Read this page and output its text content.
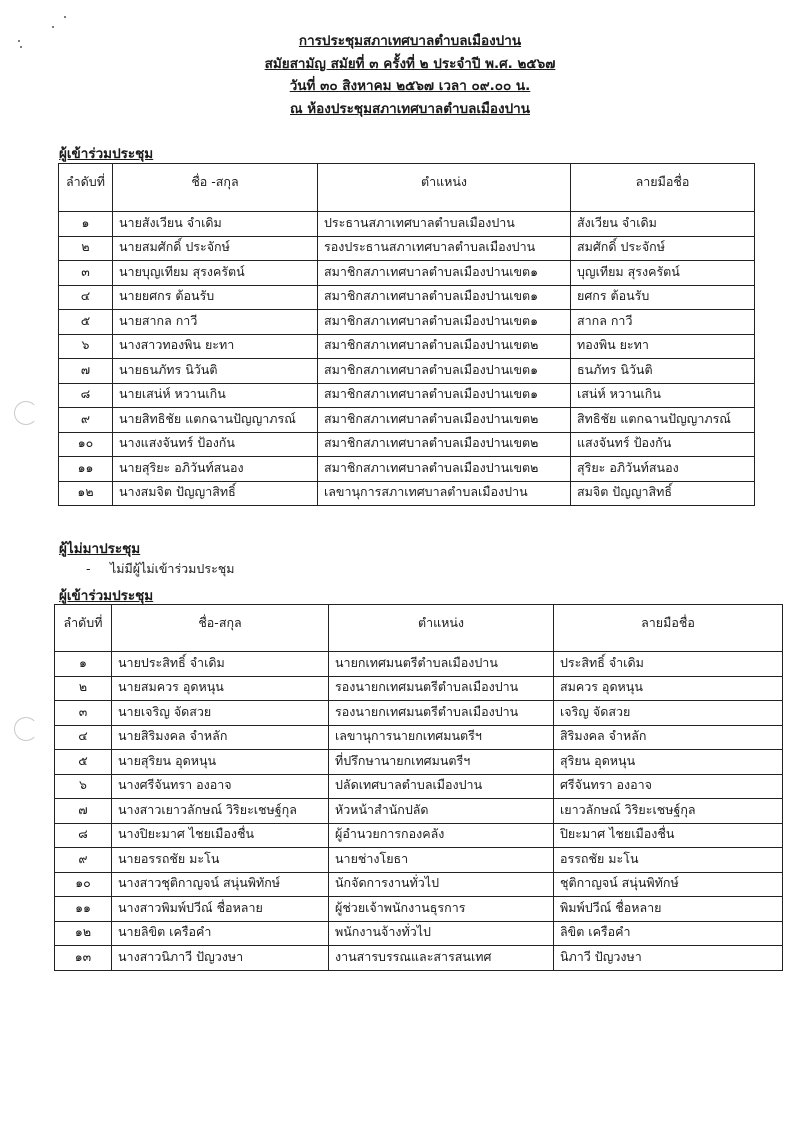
การประชุมสภาเทศบาลตำบลเมืองปาน
สมัยสามัญ สมัยที่ ๓ ครั้งที่ ๒ ประจำปี พ.ศ. ๒๕๖๗
วันที่ ๓๐ สิงหาคม ๒๕๖๗ เวลา ๐๙.๐๐ น.
ณ ห้องประชุมสภาเทศบาลตำบลเมืองปาน
ผู้เข้าร่วมประชุม
ลำดับที่	ชื่อ -สกุล	ตำแหน่ง	ลายมือชื่อ
๑	นายสังเวียน จำเดิม	ประธานสภาเทศบาลตำบลเมืองปาน	สังเวียน จำเดิม
๒	นายสมศักดิ์ ประจักษ์	รองประธานสภาเทศบาลตำบลเมืองปาน	สมศักดิ์ ประจักษ์
๓	นายบุญเทียม สุรงครัตน์	สมาชิกสภาเทศบาลตำบลเมืองปานเขต๑	บุญเทียม สุรงครัตน์
๔	นายยศกร ต้อนรับ	สมาชิกสภาเทศบาลตำบลเมืองปานเขต๑	ยศกร ต้อนรับ
๕	นายสากล กาวี	สมาชิกสภาเทศบาลตำบลเมืองปานเขต๑	สากล กาวี
๖	นางสาวทองพิน ยะทา	สมาชิกสภาเทศบาลตำบลเมืองปานเขต๒	ทองพิน ยะทา
๗	นายธนภัทร นิวันติ	สมาชิกสภาเทศบาลตำบลเมืองปานเขต๑	ธนภัทร นิวันติ
๘	นายเสน่ห์ หวานเกิน	สมาชิกสภาเทศบาลตำบลเมืองปานเขต๑	เสน่ห์ หวานเกิน
๙	นายสิทธิชัย แตกฉานปัญญาภรณ์	สมาชิกสภาเทศบาลตำบลเมืองปานเขต๒	สิทธิชัย แตกฉานปัญญาภรณ์
๑๐	นางแสงจันทร์ ป้องกัน	สมาชิกสภาเทศบาลตำบลเมืองปานเขต๒	แสงจันทร์ ป้องกัน
๑๑	นายสุริยะ อภิวันท์สนอง	สมาชิกสภาเทศบาลตำบลเมืองปานเขต๒	สุริยะ อภิวันท์สนอง
๑๒	นางสมจิต ปัญญาสิทธิ์	เลขานุการสภาเทศบาลตำบลเมืองปาน	สมจิต ปัญญาสิทธิ์
ผู้ไม่มาประชุม
- ไม่มีผู้ไม่เข้าร่วมประชุม
ผู้เข้าร่วมประชุม
ลำดับที่	ชื่อ-สกุล	ตำแหน่ง	ลายมือชื่อ
๑	นายประสิทธิ์ จำเดิม	นายกเทศมนตรีตำบลเมืองปาน	ประสิทธิ์ จำเดิม
๒	นายสมควร อุดหนุน	รองนายกเทศมนตรีตำบลเมืองปาน	สมควร อุดหนุน
๓	นายเจริญ จัดสวย	รองนายกเทศมนตรีตำบลเมืองปาน	เจริญ จัดสวย
๔	นายสิริมงคล จำหลัก	เลขานุการนายกเทศมนตรีฯ	สิริมงคล จำหลัก
๕	นายสุริยน อุดหนุน	ที่ปรึกษานายกเทศมนตรีฯ	สุริยน อุดหนุน
๖	นางศรีจันทรา องอาจ	ปลัดเทศบาลตำบลเมืองปาน	ศรีจันทรา องอาจ
๗	นางสาวเยาวลักษณ์ วิริยะเชษฐ์กุล	หัวหน้าสำนักปลัด	เยาวลักษณ์ วิริยะเชษฐ์กุล
๘	นางปิยะมาศ ไชยเมืองชื่น	ผู้อำนวยการกองคลัง	ปิยะมาศ ไชยเมืองชื่น
๙	นายอรรถชัย มะโน	นายช่างโยธา	อรรถชัย มะโน
๑๐	นางสาวชุติกาญจน์ สนุ่นพิทักษ์	นักจัดการงานทั่วไป	ชุติกาญจน์ สนุ่นพิทักษ์
๑๑	นางสาวพิมพ์ปวีณ์ ชื่อหลาย	ผู้ช่วยเจ้าพนักงานธุรการ	พิมพ์ปวีณ์ ชื่อหลาย
๑๒	นายลิขิต เครือคำ	พนักงานจ้างทั่วไป	ลิขิต เครือคำ
๑๓	นางสาวนิภาวี ปัญวงษา	งานสารบรรณและสารสนเทศ	นิภาวี ปัญวงษา
